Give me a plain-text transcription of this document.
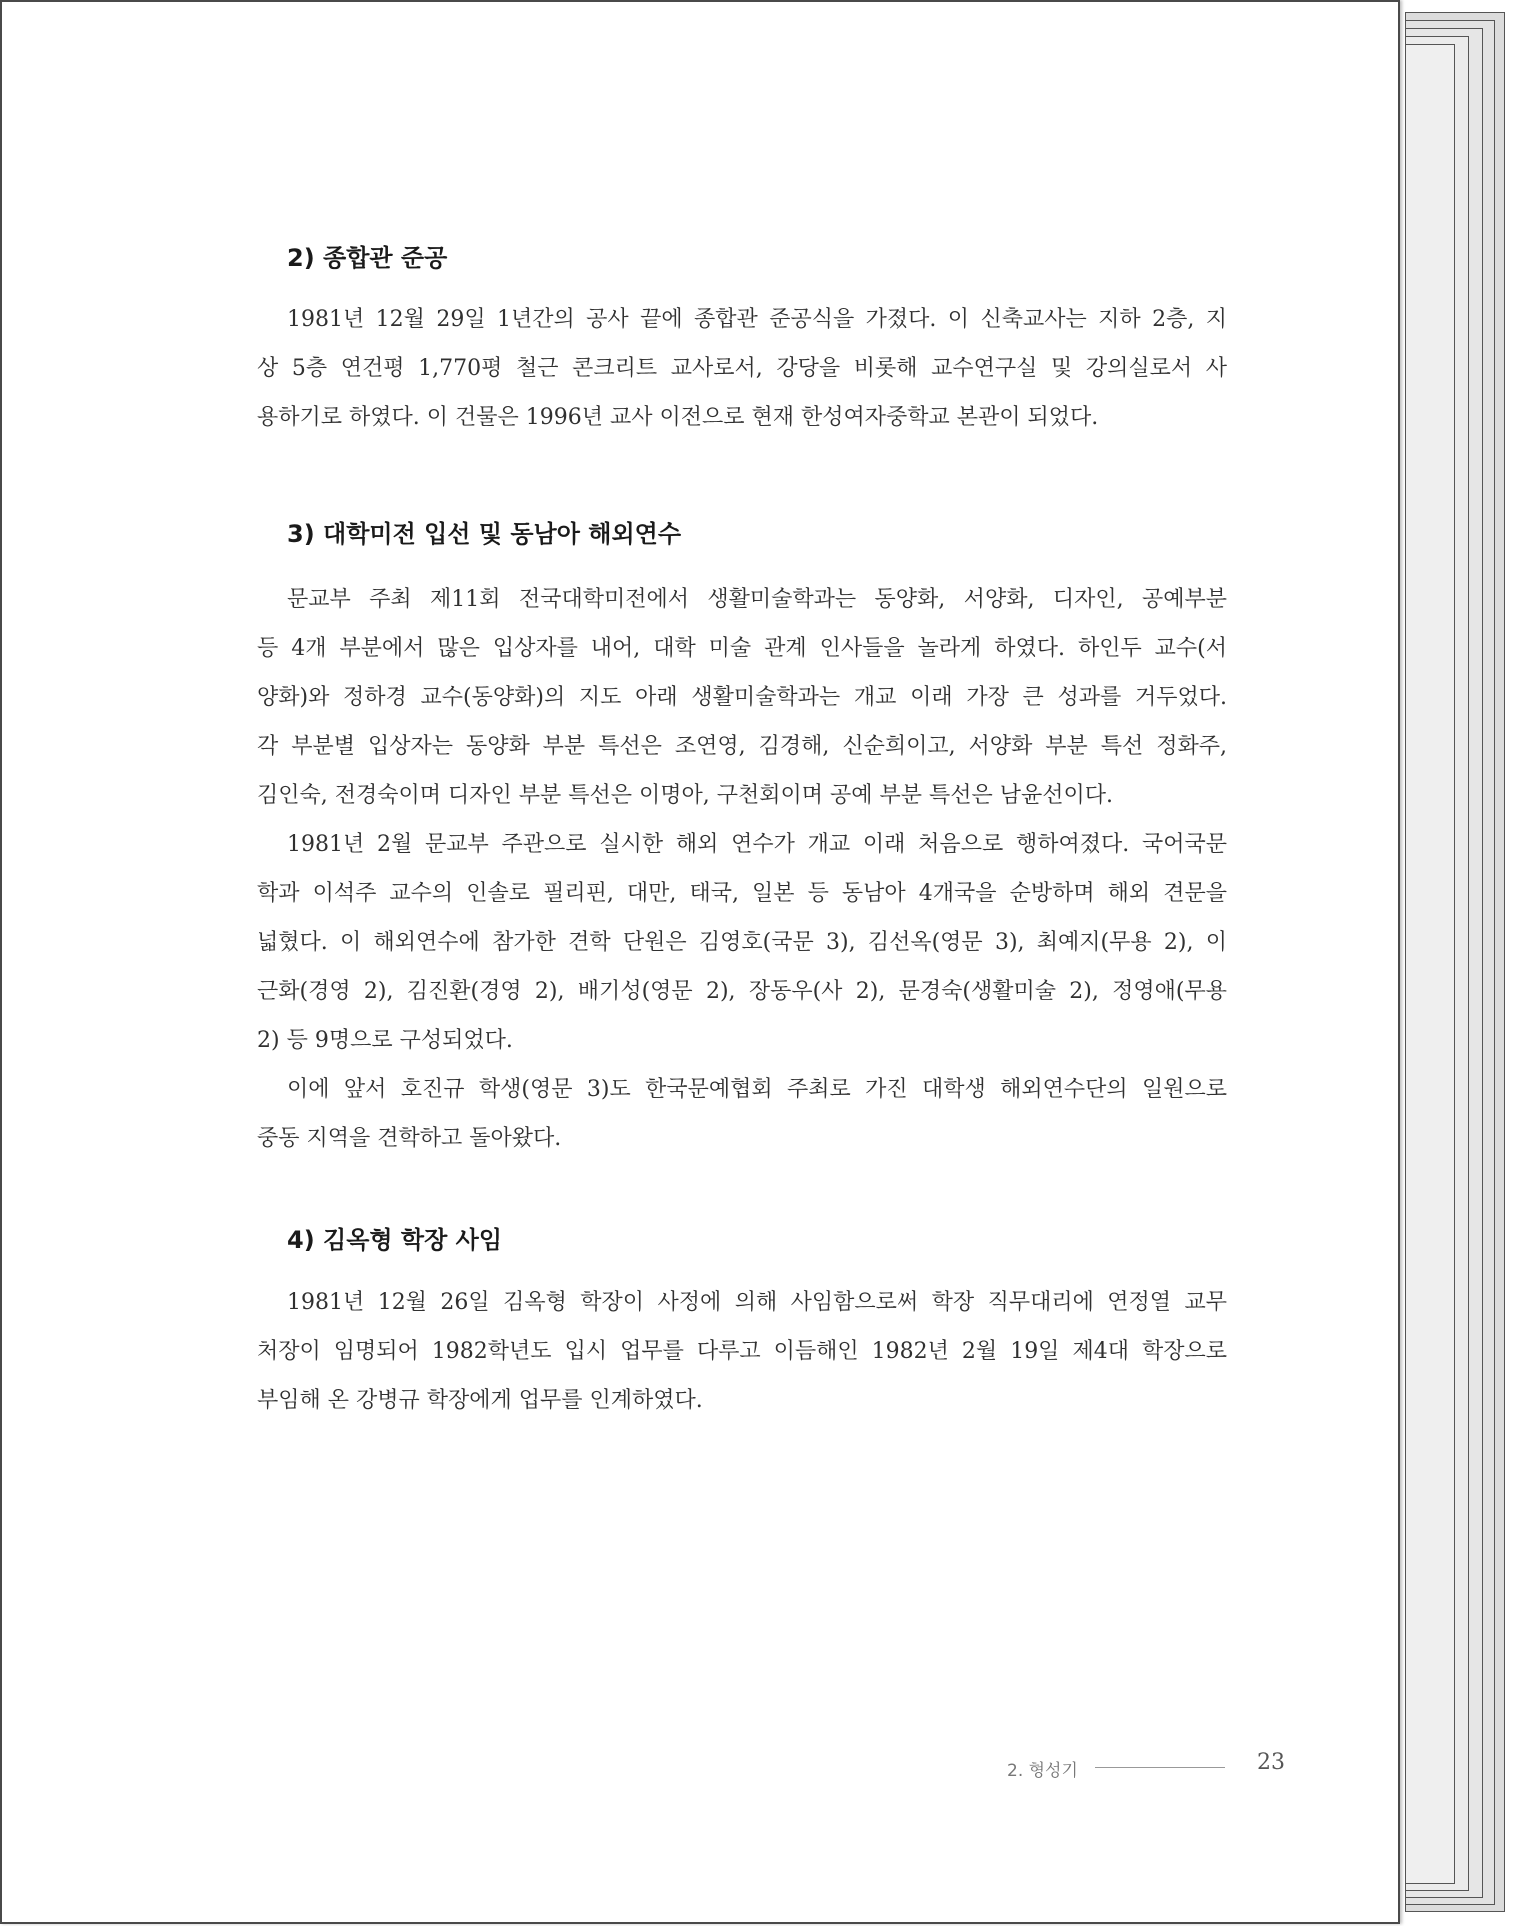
2) 종합관 준공
1981년 12월 29일 1년간의 공사 끝에 종합관 준공식을 가졌다. 이 신축교사는 지하 2층, 지
상 5층 연건평 1,770평 철근 콘크리트 교사로서, 강당을 비롯해 교수연구실 및 강의실로서 사
용하기로 하였다. 이 건물은 1996년 교사 이전으로 현재 한성여자중학교 본관이 되었다.
3) 대학미전 입선 및 동남아 해외연수
문교부 주최 제11회 전국대학미전에서 생활미술학과는 동양화, 서양화, 디자인, 공예부분
등 4개 부분에서 많은 입상자를 내어, 대학 미술 관계 인사들을 놀라게 하였다. 하인두 교수(서
양화)와 정하경 교수(동양화)의 지도 아래 생활미술학과는 개교 이래 가장 큰 성과를 거두었다.
각 부분별 입상자는 동양화 부분 특선은 조연영, 김경해, 신순희이고, 서양화 부분 특선 정화주,
김인숙, 전경숙이며 디자인 부분 특선은 이명아, 구천회이며 공예 부분 특선은 남윤선이다.
1981년 2월 문교부 주관으로 실시한 해외 연수가 개교 이래 처음으로 행하여졌다. 국어국문
학과 이석주 교수의 인솔로 필리핀, 대만, 태국, 일본 등 동남아 4개국을 순방하며 해외 견문을
넓혔다. 이 해외연수에 참가한 견학 단원은 김영호(국문 3), 김선옥(영문 3), 최예지(무용 2), 이
근화(경영 2), 김진환(경영 2), 배기성(영문 2), 장동우(사 2), 문경숙(생활미술 2), 정영애(무용
2) 등 9명으로 구성되었다.
이에 앞서 호진규 학생(영문 3)도 한국문예협회 주최로 가진 대학생 해외연수단의 일원으로
중동 지역을 견학하고 돌아왔다.
4) 김옥형 학장 사임
1981년 12월 26일 김옥형 학장이 사정에 의해 사임함으로써 학장 직무대리에 연정열 교무
처장이 임명되어 1982학년도 입시 업무를 다루고 이듬해인 1982년 2월 19일 제4대 학장으로
부임해 온 강병규 학장에게 업무를 인계하였다.
2. 형성기	23
